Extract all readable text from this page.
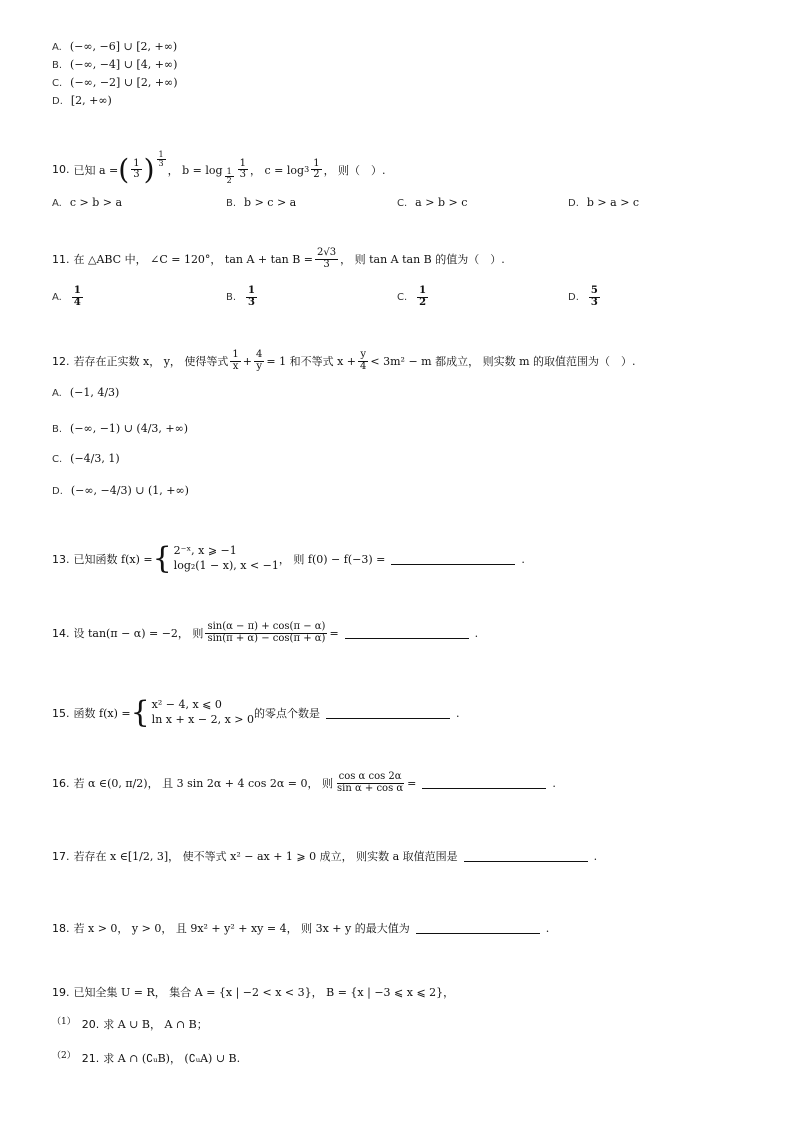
A. (−∞, −6] ∪ [2, +∞)
B. (−∞, −4] ∪ [4, +∞)
C. (−∞, −2] ∪ [2, +∞)
D. [2, +∞)
10. 已知 a = ( $\frac{1}{3}$ ) $\frac{1}{3}$
， $b = \log \frac{1}{2} \frac{1}{3}$ ， $c = \log 3 \frac{1}{2}$ ， 则（　）.
A. c > b > a	B. b > c > a	C. a > b > c	D. b > a > c
11. 在 △ABC 中， ∠C = 120°， $\tan A + \tan B = \frac{2√3}{3}$ ， 则 tan A tan B 的值为（　）.
A. $\frac{1}{4}$	B. $\frac{1}{3}$	C. $\frac{1}{2}$	D. $\frac{5}{3}$
12. 若存在正实数 x， y， 使得等式 $\frac{1}{x} + \frac{4}{y} = 1$ 和不等式 $x + \frac{y}{4} < 3m^2 - m$ 都成立， 则实数 m 的取值范围为（　）.
A. (−1, 4/3)
B. (−∞, −1) ∪ (4/3, +∞)
C. (−4/3, 1)
D. (−∞, −4/3) ∪ (1, +∞)
13. 已知函数 f(x) = { 2⁻ˣ, x ⩾ −1
log₂(1 − x), x < −1 ， 则 f(0) − f(−3) =	.
14. 设 tan(π − α) = −2， 则 $\frac{\sin(\alpha - \pi) + \cos(\pi - \alpha)}{\sin(\pi + \alpha) - \cos(\pi + \alpha)}$ =	.
15. 函数 f(x) = { x² − 4, x ⩽ 0
ln x + x − 2, x > 0 的零点个数是	.
16. 若 α ∈ (0, π/2) ， 且 3 sin 2α + 4 cos 2α = 0， 则 $\frac{\text{cos α cos 2α}}{\text{sin α + cos α}}$ =	.
17. 若存在 x ∈ [1/2, 3] ， 使不等式 x² − ax + 1 ⩾ 0 成立， 则实数 a 取值范围是	.
18. 若 x > 0， y > 0， 且 9x² + y² + xy = 4， 则 3x + y 的最大值为	.
19. 已知全集 U = R， 集合 A = {x | −2 < x < 3}， B = {x | −3 ⩽ x ⩽ 2}，
（1） 20. 求 A ∪ B， A ∩ B；
（2） 21. 求 A ∩ (∁ᵤB)， (∁ᵤA) ∪ B.
